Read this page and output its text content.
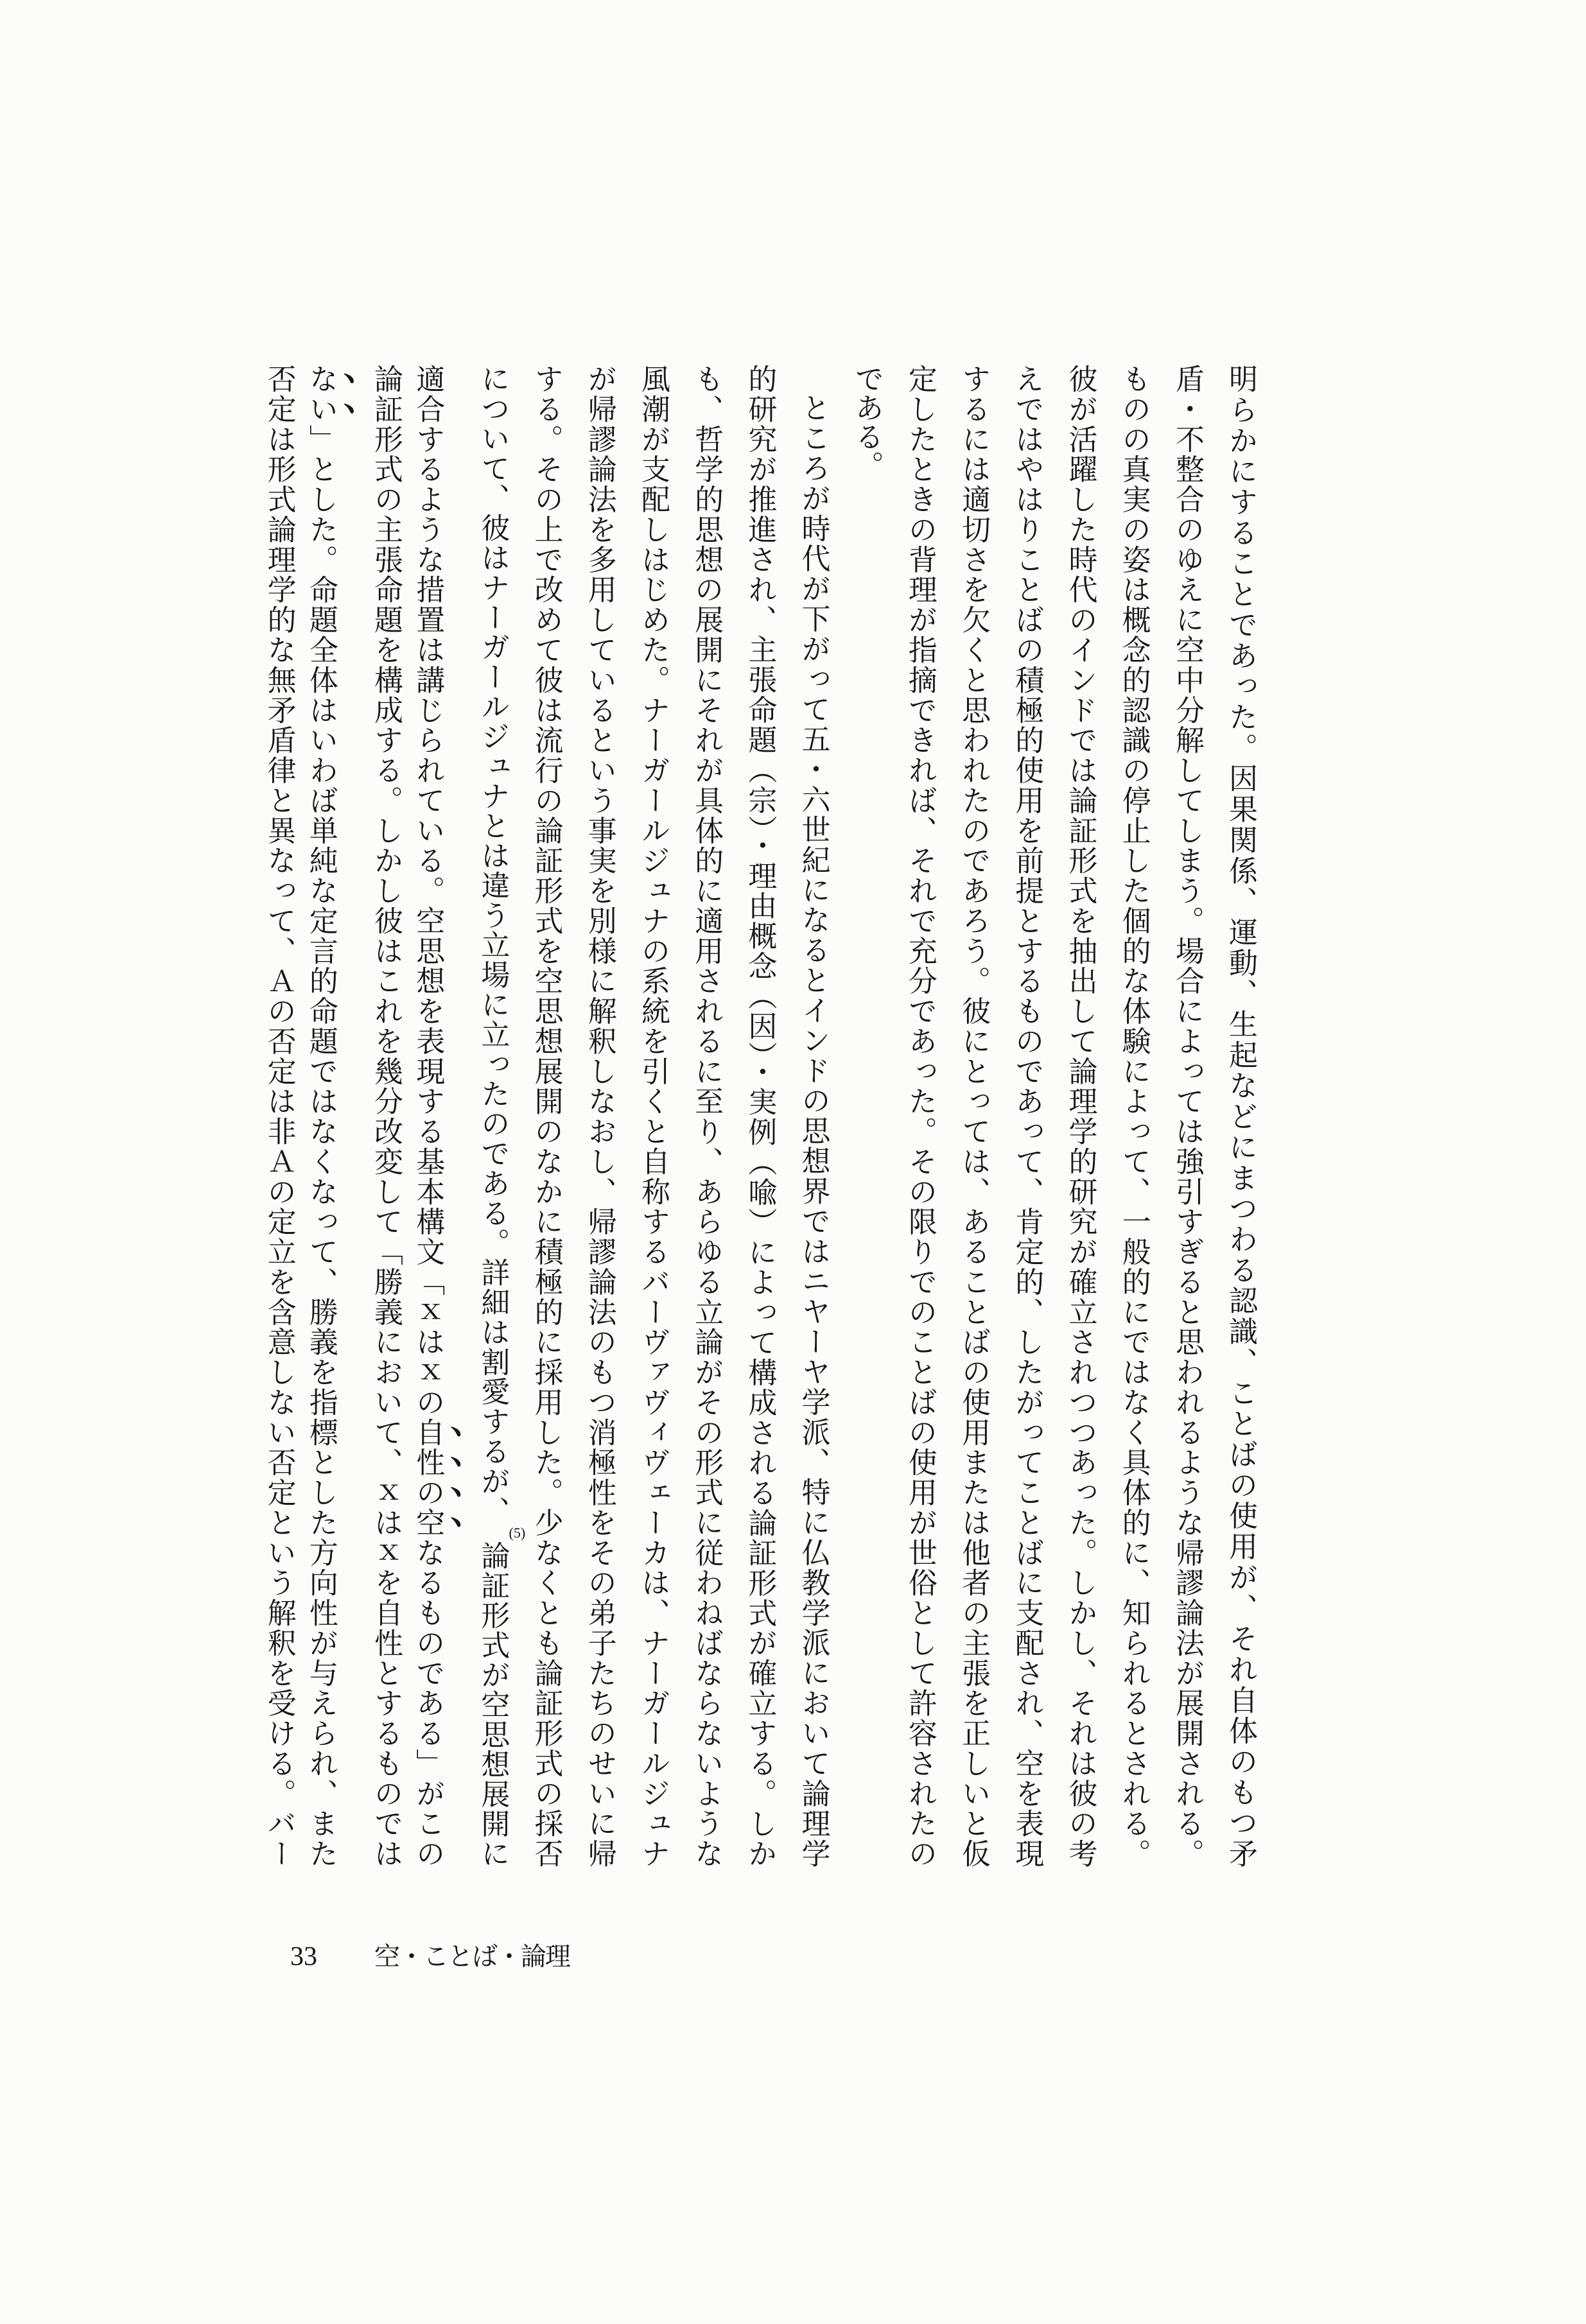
明らかにすることであった。因果関係、運動、生起などにまつわる認識、ことばの使用が、それ自体のもつ矛
盾・不整合のゆえに空中分解してしまう。場合によっては強引すぎると思われるような帰謬論法が展開される。
ものの真実の姿は概念的認識の停止した個的な体験によって、一般的にではなく具体的に、知られるとされる。
彼が活躍した時代のインドでは論証形式を抽出して論理学的研究が確立されつつあった。しかし、それは彼の考
えではやはりことばの積極的使用を前提とするものであって、肯定的、したがってことばに支配され、空を表現
するには適切さを欠くと思われたのであろう。彼にとっては、あることばの使用または他者の主張を正しいと仮
定したときの背理が指摘できれば、それで充分であった。その限りでのことばの使用が世俗として許容されたの
である。
ところが時代が下がって五・六世紀になるとインドの思想界ではニヤーヤ学派、特に仏教学派において論理学
的研究が推進され、主張命題（宗）・理由概念（因）・実例（喩）によって構成される論証形式が確立する。しか
も、哲学的思想の展開にそれが具体的に適用されるに至り、あらゆる立論がその形式に従わねばならないような
風潮が支配しはじめた。ナーガールジュナの系統を引くと自称するバーヴァヴィヴェーカは、ナーガールジュナ
が帰謬論法を多用しているという事実を別様に解釈しなおし、帰謬論法のもつ消極性をその弟子たちのせいに帰
する。その上で改めて彼は流行の論証形式を空思想展開のなかに積極的に採用した。少なくとも論証形式の採否
について、彼はナーガールジュナとは違う立場に立ったのである。詳細は割愛するが、(5)論証形式が空思想展開に
適合するような措置は講じられている。空思想を表現する基本構文「ｘはｘの自性の空なるものである」がこの
論証形式の主張命題を構成する。しかし彼はこれを幾分改変して「勝義において、ｘはｘを自性とするものでは
ない」とした。命題全体はいわば単純な定言的命題ではなくなって、勝義を指標とした方向性が与えられ、また
否定は形式論理学的な無矛盾律と異なって、Ａの否定は非Ａの定立を含意しない否定という解釈を受ける。バー
33 空・ことば・論理
